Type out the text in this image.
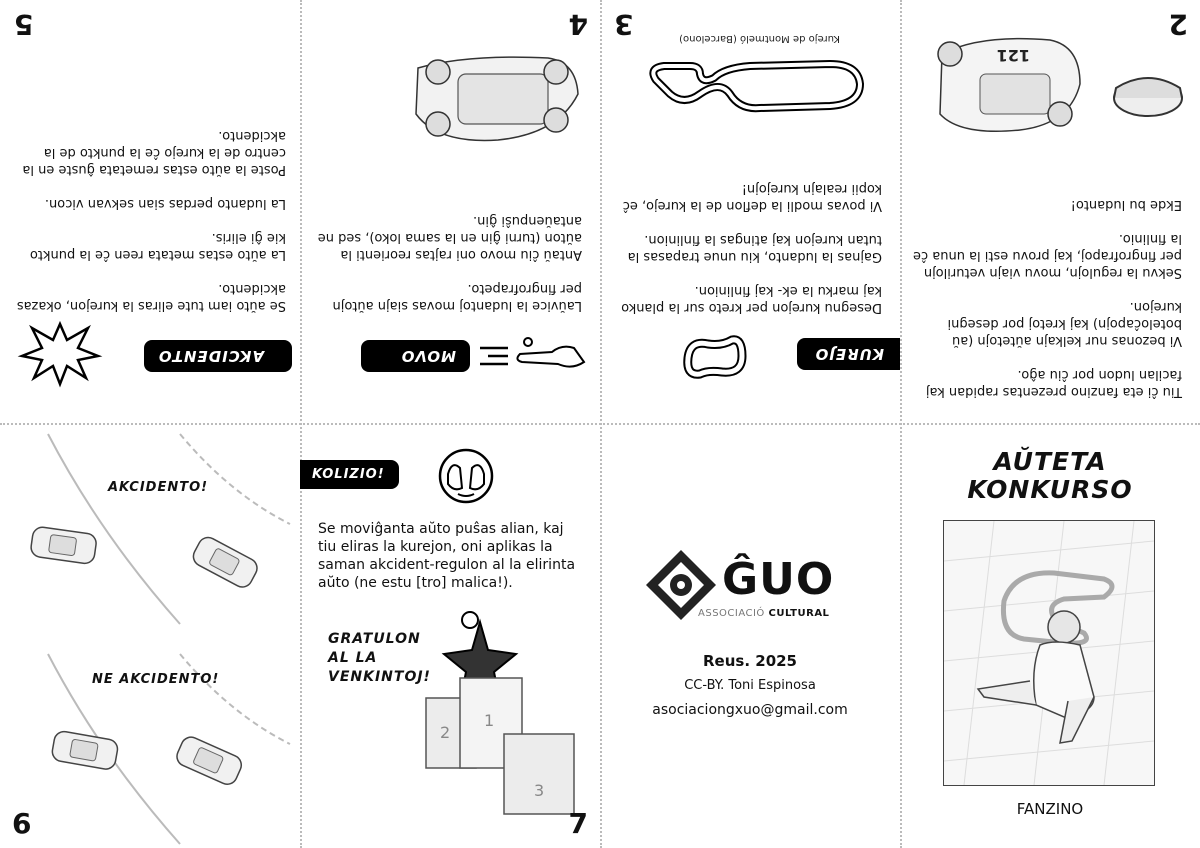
5
AKCIDENTO
Se aŭto iam tute eliras la kurejon, okazas akcidento.

La aŭto estas metata reen ĉe la punkto kie ĝi eliris.

La ludanto perdas sian sekvan vicon.

Poste la aŭto estas remetata ĝuste en la centro de la kurejo ĉe la punkto de la akcidento.
4
MOVO
Laŭvice la ludantoj movas siajn aŭtojn per fingrofrapeto.

Antaŭ ĉiu movo oni rajtas reorienti la aŭton (turni ĝin en la sama loko), sed ne antaŭenpuŝi ĝin.
3
KUREJO
Desegnu kurejon per kreto sur la planko kaj marku la ek- kaj finlinion.

Gajnas la ludanto, kiu unue trapasas la tutan kurejon kaj atingas la finlinion.

Vi povas modli la deflon de la kurejo, eĉ kopii realajn kurejojn!
Kurejo de Montmeló (Barcelono)	2
Tiu ĉi eta fanzino prezentas rapidan kaj facilan ludon por ĉiu aĝo.

Vi bezonas nur kelkajn aŭtetojn (aŭ boteloĉapojn) kaj kretoj por desegni kurejon.

Sekvu la regulojn, movu viajn veturilojn per fingrofrapoj, kaj provu esti la unua ĉe la finlinio.

Ekde bu ludanto!
121
AKCIDENTO!
NE AKCIDENTO!
6
KOLIZIO!
Se moviĝanta aŭto puŝas alian, kaj tiu eliras la kurejon, oni aplikas la saman akcident-regulon al la elirinta aŭto (ne estu [tro] malica!).
GRATULON
AL LA
VENKINTOJ!
2
1
3
7
ĜUO
ASSOCIACIÓ CULTURAL
Reus. 2025
CC-BY. Toni Espinosa
asociaciongxuo@gmail.com
AŬTETA
KONKURSO
FANZINO
